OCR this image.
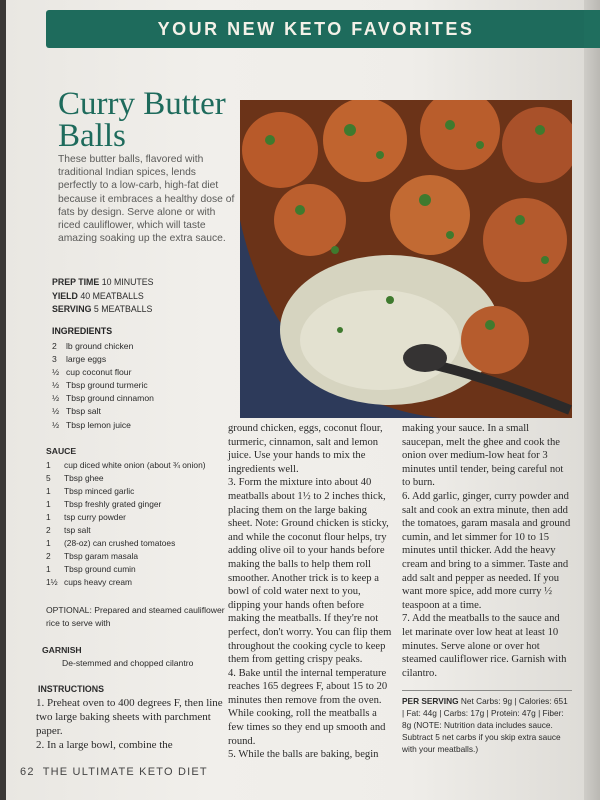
YOUR NEW KETO FAVORITES
Curry Butter Balls
These butter balls, flavored with traditional Indian spices, lends perfectly to a low-carb, high-fat diet because it embraces a healthy dose of fats by design. Serve alone or with riced cauliflower, which will taste amazing soaking up the extra sauce.
PREP TIME 10 MINUTES
YIELD 40 MEATBALLS
SERVING 5 MEATBALLS
INGREDIENTS
2	lb ground chicken
3	large eggs
½ cup coconut flour
½ Tbsp ground turmeric
½ Tbsp ground cinnamon
½ Tbsp salt
½ Tbsp lemon juice
SAUCE
1	cup diced white onion (about ¾ onion)
5	Tbsp ghee
1	Tbsp minced garlic
1	Tbsp freshly grated ginger
1	tsp curry powder
2	tsp salt
1	(28-oz) can crushed tomatoes
2	Tbsp garam masala
1	Tbsp ground cumin
1½ cups heavy cream
OPTIONAL: Prepared and steamed cauliflower rice to serve with
GARNISH
De-stemmed and chopped cilantro
INSTRUCTIONS
1. Preheat oven to 400 degrees F, then line two large baking sheets with parchment paper.
2. In a large bowl, combine the
ground chicken, eggs, coconut flour, turmeric, cinnamon, salt and lemon juice. Use your hands to mix the ingredients well.
3. Form the mixture into about 40 meatballs about 1½ to 2 inches thick, placing them on the large baking sheet. Note: Ground chicken is sticky, and while the coconut flour helps, try adding olive oil to your hands before making the balls to help them roll smoother. Another trick is to keep a bowl of cold water next to you, dipping your hands often before making the meatballs. If they're not perfect, don't worry. You can flip them throughout the cooking cycle to keep them from getting crispy peaks.
4. Bake until the internal temperature reaches 165 degrees F, about 15 to 20 minutes then remove from the oven. While cooking, roll the meatballs a few times so they end up smooth and round.
5. While the balls are baking, begin
making your sauce. In a small saucepan, melt the ghee and cook the onion over medium-low heat for 3 minutes until tender, being careful not to burn.
6. Add garlic, ginger, curry powder and salt and cook an extra minute, then add the tomatoes, garam masala and ground cumin, and let simmer for 10 to 15 minutes until thicker. Add the heavy cream and bring to a simmer. Taste and add salt and pepper as needed. If you want more spice, add more curry ½ teaspoon at a time.
7. Add the meatballs to the sauce and let marinate over low heat at least 10 minutes. Serve alone or over hot steamed cauliflower rice. Garnish with cilantro.
PER SERVING Net Carbs: 9g | Calories: 651 | Fat: 44g | Carbs: 17g | Protein: 47g | Fiber: 8g (NOTE: Nutrition data includes sauce. Subtract 5 net carbs if you skip extra sauce with your meatballs.)
62 THE ULTIMATE KETO DIET
